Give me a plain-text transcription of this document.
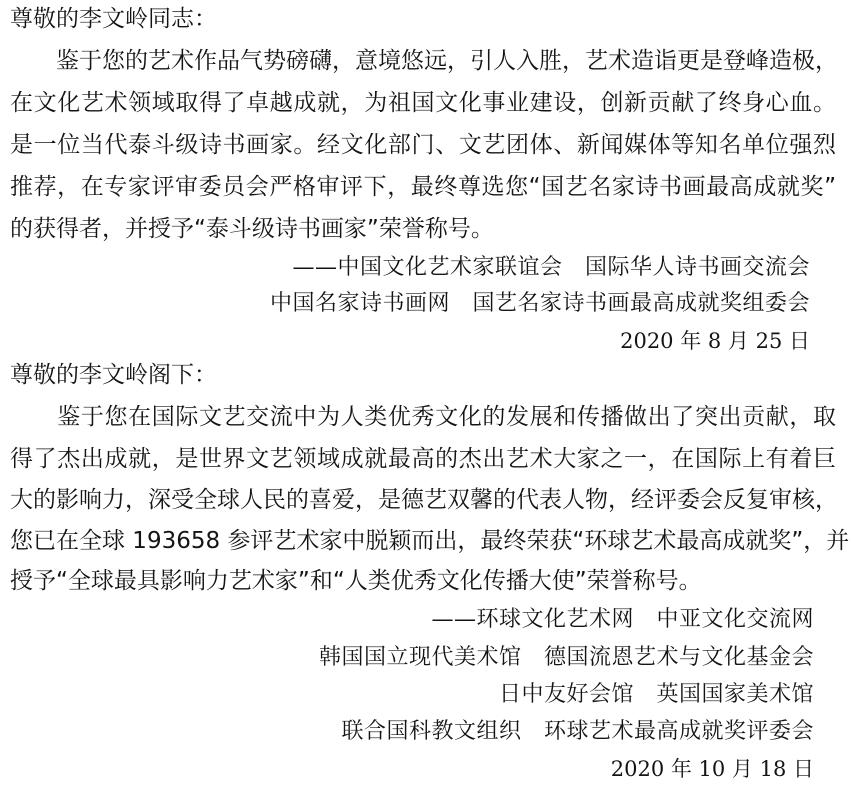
尊敬的李文岭同志：
　　鉴于您的艺术作品气势磅礴，意境悠远，引人入胜，艺术造诣更是登峰造极，
在文化艺术领域取得了卓越成就，为祖国文化事业建设，创新贡献了终身心血。
是一位当代泰斗级诗书画家。经文化部门、文艺团体、新闻媒体等知名单位强烈
推荐，在专家评审委员会严格审评下，最终尊选您“国艺名家诗书画最高成就奖”
的获得者，并授予“泰斗级诗书画家”荣誉称号。
——中国文化艺术家联谊会　国际华人诗书画交流会
中国名家诗书画网　国艺名家诗书画最高成就奖组委会
2020 年 8 月 25 日
尊敬的李文岭阁下：
　　鉴于您在国际文艺交流中为人类优秀文化的发展和传播做出了突出贡献，取
得了杰出成就，是世界文艺领域成就最高的杰出艺术大家之一，在国际上有着巨
大的影响力，深受全球人民的喜爱，是德艺双馨的代表人物，经评委会反复审核，
您已在全球 193658 参评艺术家中脱颖而出，最终荣获“环球艺术最高成就奖”，并
授予“全球最具影响力艺术家”和“人类优秀文化传播大使”荣誉称号。
——环球文化艺术网　中亚文化交流网
韩国国立现代美术馆　德国流恩艺术与文化基金会
日中友好会馆　英国国家美术馆
联合国科教文组织　环球艺术最高成就奖评委会
2020 年 10 月 18 日
